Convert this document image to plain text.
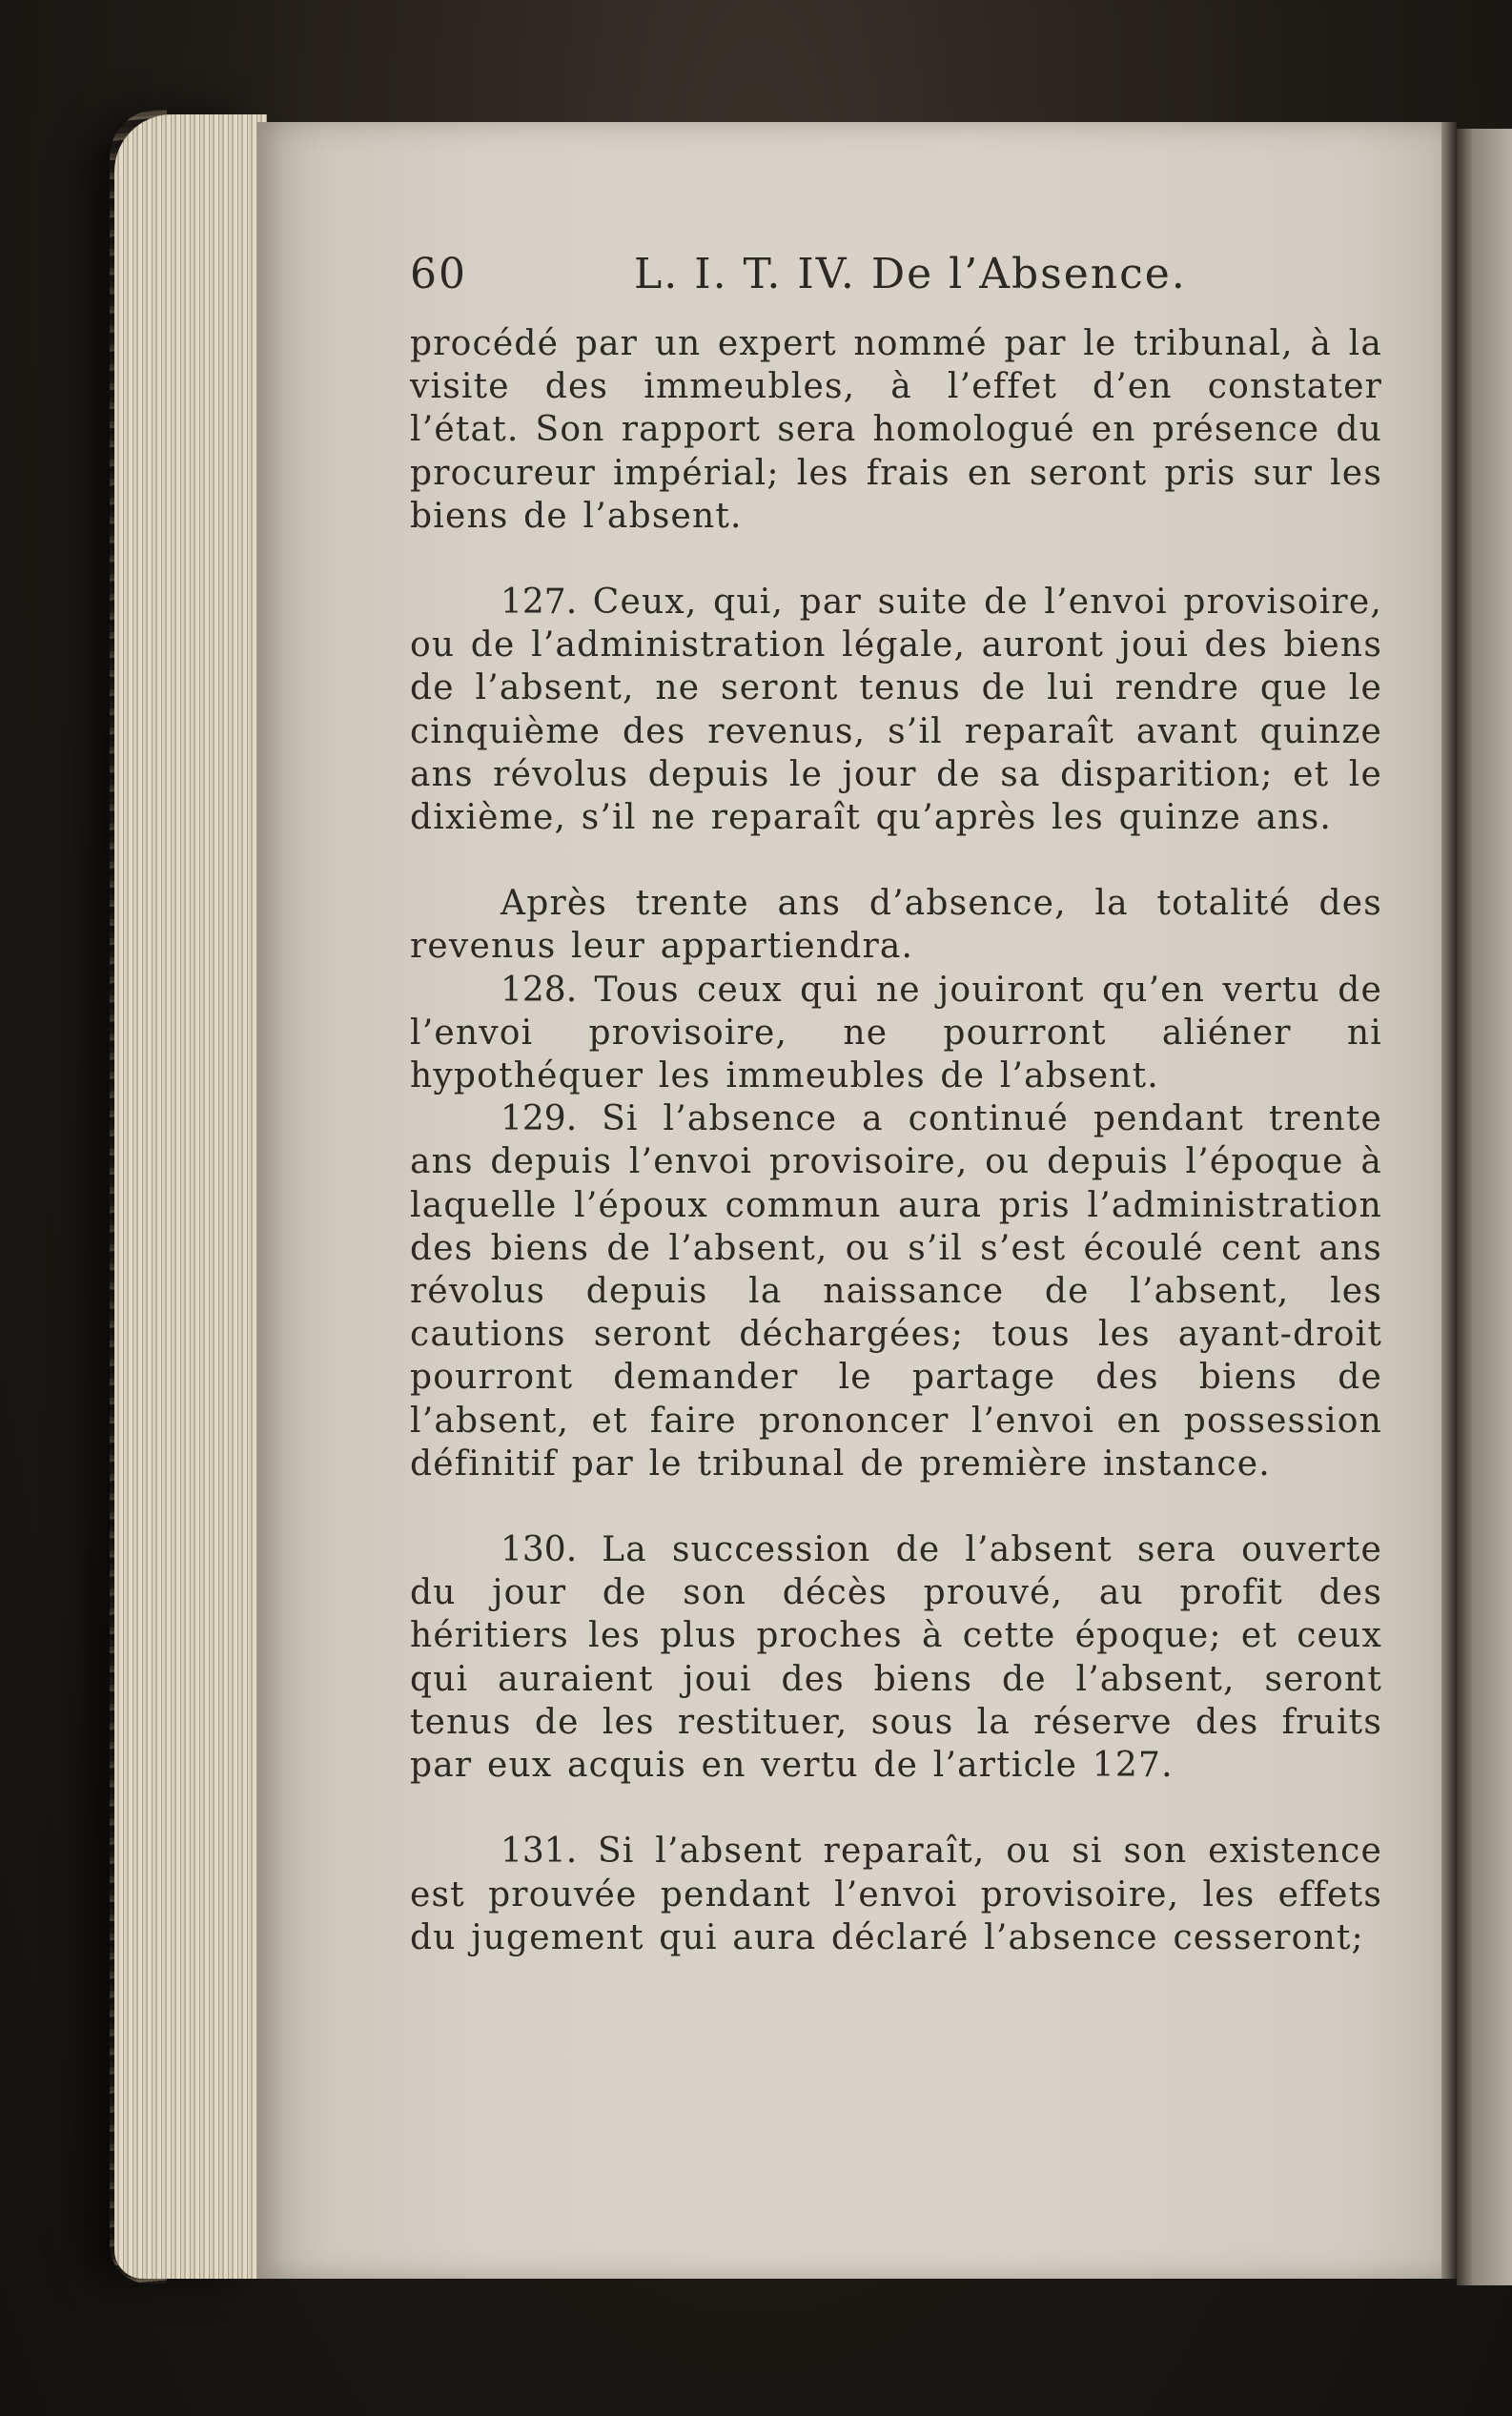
60	L. I. T. IV. De l’Absence.

procédé par un expert nommé par le tribunal, à la visite des immeubles, à l’effet d’en constater l’état. Son rapport sera homologué en présence du procureur impérial; les frais en seront pris sur les biens de l’absent.

127. Ceux, qui, par suite de l’envoi provisoire, ou de l’administration légale, auront joui des biens de l’absent, ne seront tenus de lui rendre que le cinquième des revenus, s’il reparaît avant quinze ans révolus depuis le jour de sa disparition; et le dixième, s’il ne reparaît qu’après les quinze ans.

Après trente ans d’absence, la totalité des revenus leur appartiendra.

128. Tous ceux qui ne jouiront qu’en vertu de l’envoi provisoire, ne pourront aliéner ni hypothéquer les immeubles de l’absent.

129. Si l’absence a continué pendant trente ans depuis l’envoi provisoire, ou depuis l’époque à laquelle l’époux commun aura pris l’administration des biens de l’absent, ou s’il s’est écoulé cent ans révolus depuis la naissance de l’absent, les cautions seront déchargées; tous les ayant-droit pourront demander le partage des biens de l’absent, et faire prononcer l’envoi en possession définitif par le tribunal de première instance.

130. La succession de l’absent sera ouverte du jour de son décès prouvé, au profit des héritiers les plus proches à cette époque; et ceux qui auraient joui des biens de l’absent, seront tenus de les restituer, sous la réserve des fruits par eux acquis en vertu de l’article 127.

131. Si l’absent reparaît, ou si son existence est prouvée pendant l’envoi provisoire, les effets du jugement qui aura déclaré l’absence cesseront;
